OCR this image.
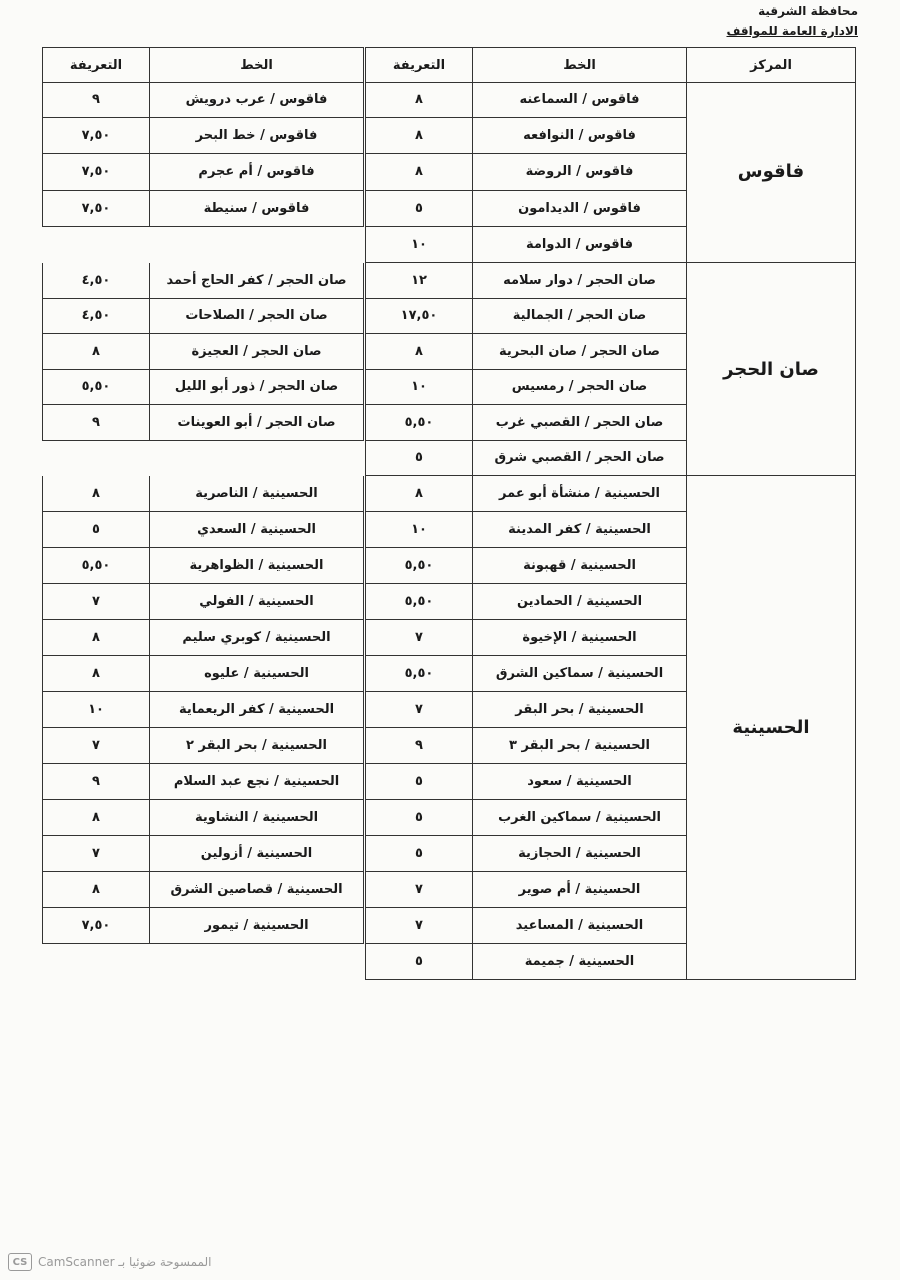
محافظة الشرقية
الادارة العامة للمواقف
المركز
الخط
التعريفة
الخط
التعريفة
فاقوس
فاقوس / السماعنه
٨
فاقوس / النوافعه
٨
فاقوس / الروضة
٨
فاقوس / الديدامون
٥
فاقوس / الدوامة
١٠
فاقوس / عرب درويش
٩
فاقوس / خط البحر
٧,٥٠
فاقوس / أم عجرم
٧,٥٠
فاقوس / سنيطة
٧,٥٠
صان الحجر
صان الحجر / دوار سلامه
١٢
صان الحجر / الجمالية
١٧,٥٠
صان الحجر / صان البحرية
٨
صان الحجر / رمسيس
١٠
صان الحجر / القصبي غرب
٥,٥٠
صان الحجر / القصبي شرق
٥
صان الحجر / كفر الحاج أحمد
٤,٥٠
صان الحجر / الصلاحات
٤,٥٠
صان الحجر / العجيزة
٨
صان الحجر / ذور أبو الليل
٥,٥٠
صان الحجر / أبو العوينات
٩
الحسينية
الحسينية / منشأة أبو عمر
٨
الحسينية / كفر المدينة
١٠
الحسينية / قهبونة
٥,٥٠
الحسينية / الحمادين
٥,٥٠
الحسينية / الإخيوة
٧
الحسينية / سماكين الشرق
٥,٥٠
الحسينية / بحر البقر
٧
الحسينية / بحر البقر ٣
٩
الحسينية / سعود
٥
الحسينية / سماكين الغرب
٥
الحسينية / الحجازية
٥
الحسينية / أم صوير
٧
الحسينية / المساعيد
٧
الحسينية / جميمة
٥
الحسينية / الناصرية
٨
الحسينية / السعدي
٥
الحسينية / الظواهرية
٥,٥٠
الحسينية / الفولي
٧
الحسينية / كوبري سليم
٨
الحسينية / عليوه
٨
الحسينية / كفر الريعماية
١٠
الحسينية / بحر البقر ٢
٧
الحسينية / نجع عبد السلام
٩
الحسينية / النشاوية
٨
الحسينية / أزولين
٧
الحسينية / قصاصين الشرق
٨
الحسينية / تيمور
٧,٥٠
CS CamScanner الممسوحة ضوئيا بـ
